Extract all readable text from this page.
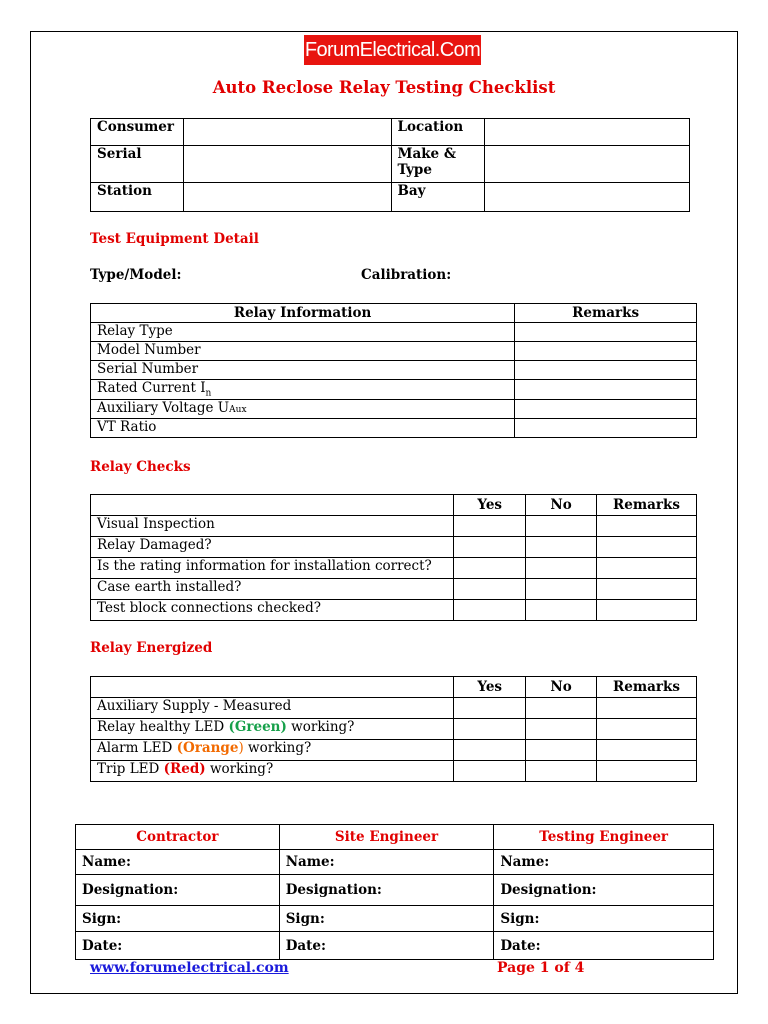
ForumElectrical.Com
Auto Reclose Relay Testing Checklist
Consumer		Location	
Serial		Make &
Type	
Station		Bay	
Test Equipment Detail
Type/Model:	Calibration:
Relay Information	Remarks
Relay Type	
Model Number	
Serial Number	
Rated Current $I_n$	
Auxiliary Voltage UAux	
VT Ratio	
Relay Checks
	Yes	No	Remarks
Visual Inspection			
Relay Damaged?			
Is the rating information for installation correct?			
Case earth installed?			
Test block connections checked?			
Relay Energized
	Yes	No	Remarks
Auxiliary Supply - Measured			
Relay healthy LED (Green) working?			
Alarm LED (Orange) working?			
Trip LED (Red) working?			
Contractor	Site Engineer	Testing Engineer
Name:	Name:	Name:
Designation:	Designation:	Designation:
Sign:	Sign:	Sign:
Date:	Date:	Date:
www.forumelectrical.com	Page 1 of 4
